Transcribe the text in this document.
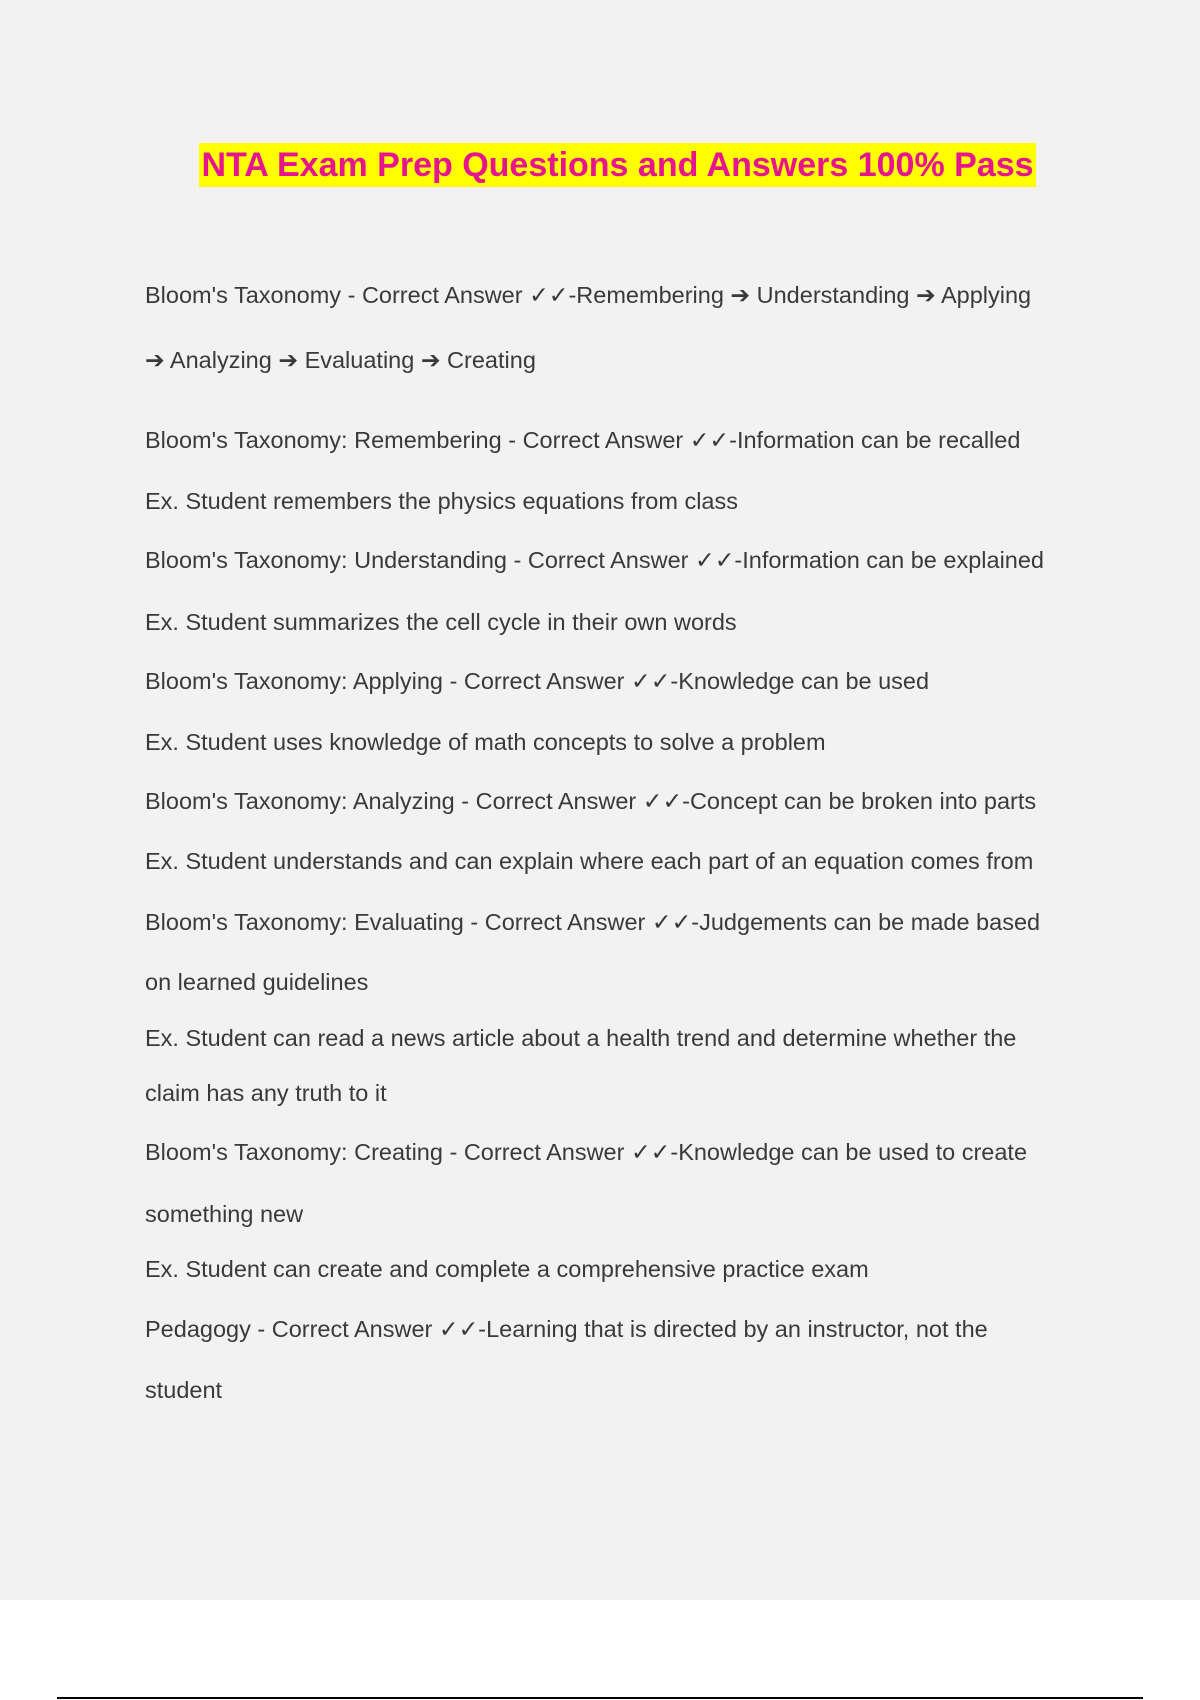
NTA Exam Prep Questions and Answers 100% Pass
Bloom's Taxonomy - Correct Answer ✓✓-Remembering ➔ Understanding ➔ Applying
➔ Analyzing ➔ Evaluating ➔ Creating
Bloom's Taxonomy: Remembering - Correct Answer ✓✓-Information can be recalled
Ex. Student remembers the physics equations from class
Bloom's Taxonomy: Understanding - Correct Answer ✓✓-Information can be explained
Ex. Student summarizes the cell cycle in their own words
Bloom's Taxonomy: Applying - Correct Answer ✓✓-Knowledge can be used
Ex. Student uses knowledge of math concepts to solve a problem
Bloom's Taxonomy: Analyzing - Correct Answer ✓✓-Concept can be broken into parts
Ex. Student understands and can explain where each part of an equation comes from
Bloom's Taxonomy: Evaluating - Correct Answer ✓✓-Judgements can be made based
on learned guidelines
Ex. Student can read a news article about a health trend and determine whether the
claim has any truth to it
Bloom's Taxonomy: Creating - Correct Answer ✓✓-Knowledge can be used to create
something new
Ex. Student can create and complete a comprehensive practice exam
Pedagogy - Correct Answer ✓✓-Learning that is directed by an instructor, not the
student
